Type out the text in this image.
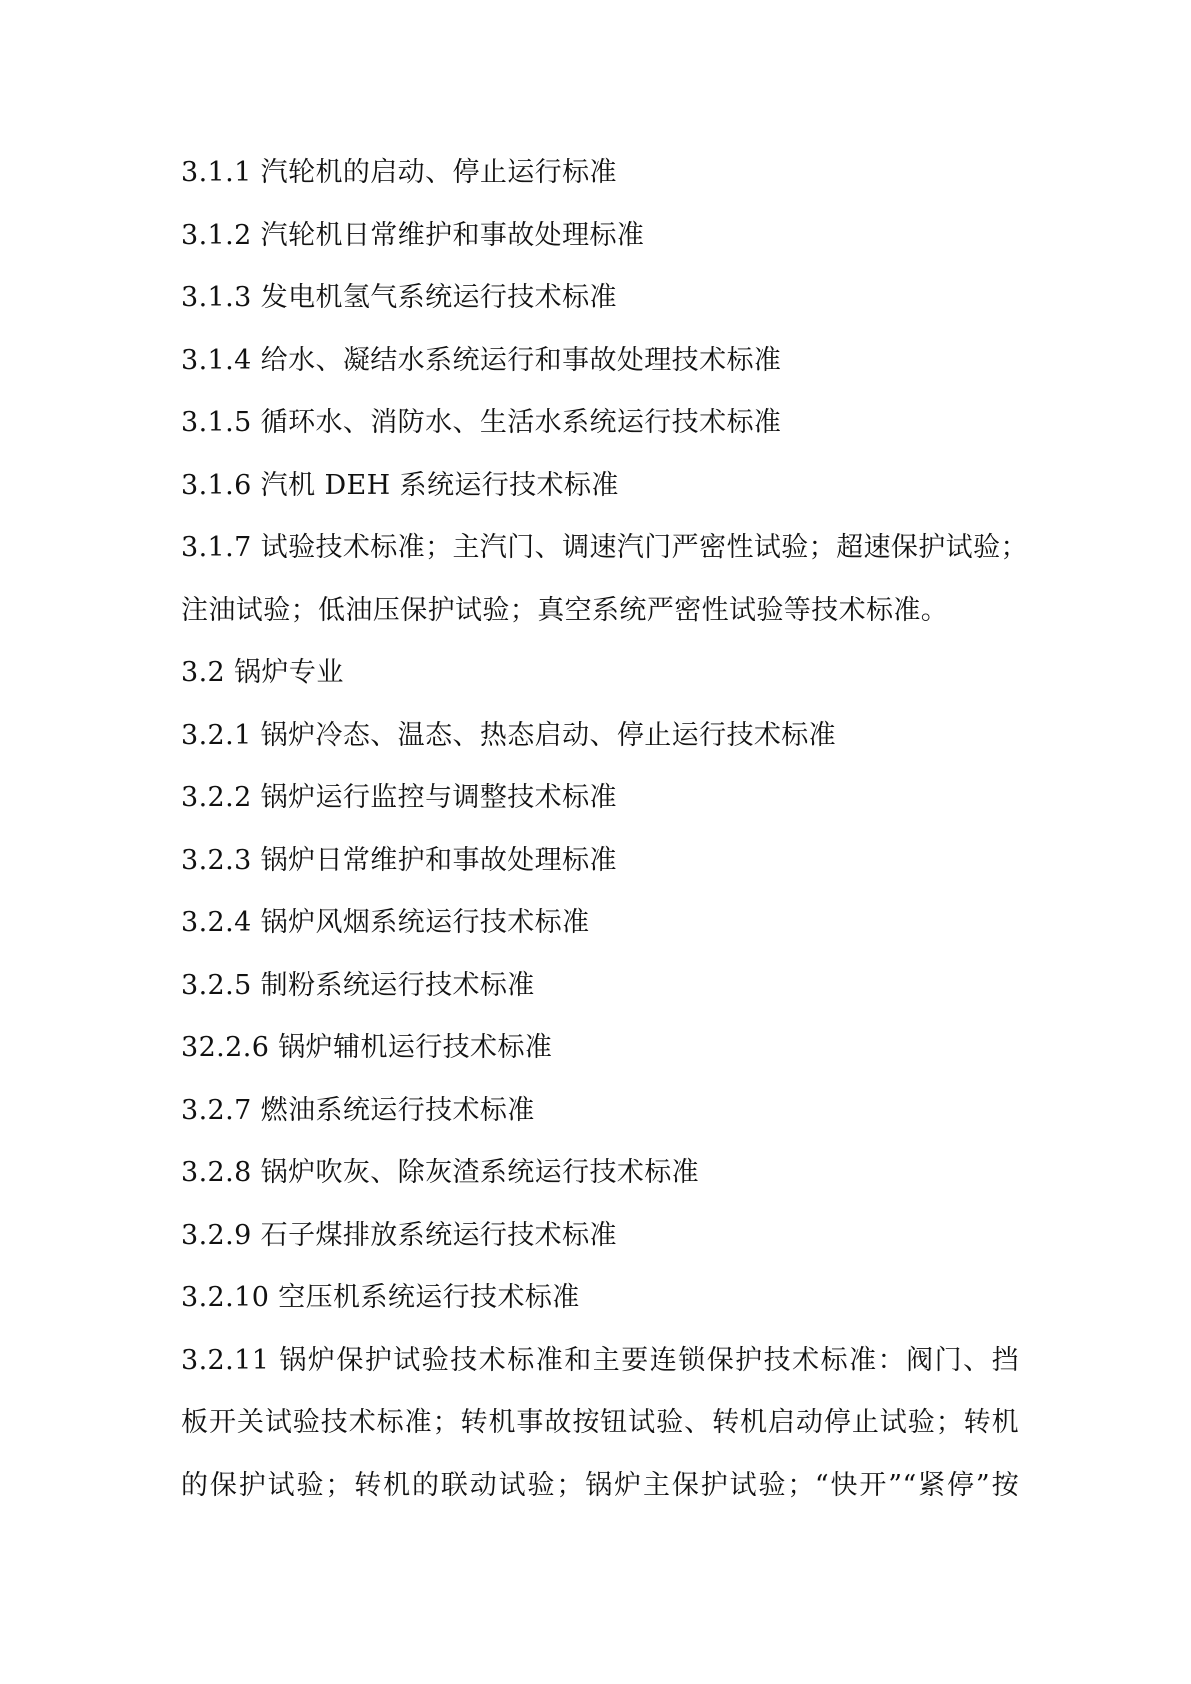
3.1.1 汽轮机的启动、停止运行标准
3.1.2 汽轮机日常维护和事故处理标准
3.1.3 发电机氢气系统运行技术标准
3.1.4 给水、凝结水系统运行和事故处理技术标准
3.1.5 循环水、消防水、生活水系统运行技术标准
3.1.6 汽机 DEH 系统运行技术标准
3.1.7 试验技术标准；主汽门、调速汽门严密性试验；超速保护试验；
注油试验；低油压保护试验；真空系统严密性试验等技术标准。
3.2 锅炉专业
3.2.1 锅炉冷态、温态、热态启动、停止运行技术标准
3.2.2 锅炉运行监控与调整技术标准
3.2.3 锅炉日常维护和事故处理标准
3.2.4 锅炉风烟系统运行技术标准
3.2.5 制粉系统运行技术标准
32.2.6 锅炉辅机运行技术标准
3.2.7 燃油系统运行技术标准
3.2.8 锅炉吹灰、除灰渣系统运行技术标准
3.2.9 石子煤排放系统运行技术标准
3.2.10 空压机系统运行技术标准
3.2.11 锅炉保护试验技术标准和主要连锁保护技术标准：阀门、挡
板开关试验技术标准；转机事故按钮试验、转机启动停止试验；转机
的保护试验；转机的联动试验；锅炉主保护试验；“快开”“紧停”按
